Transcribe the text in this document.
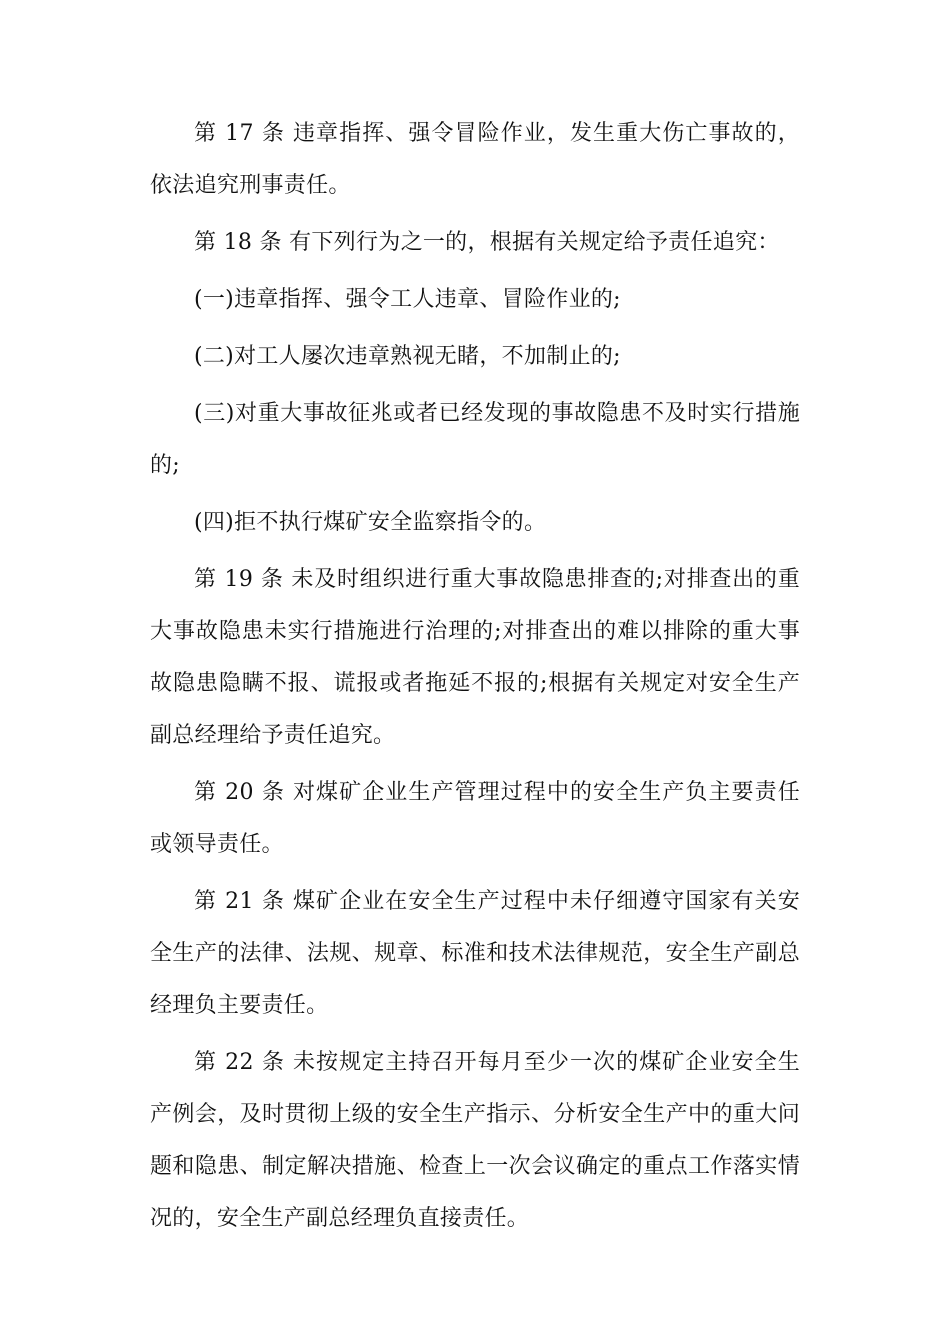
第 17 条 违章指挥、强令冒险作业，发生重大伤亡事故的，依法追究刑事责任。

第 18 条 有下列行为之一的，根据有关规定给予责任追究：

(一)违章指挥、强令工人违章、冒险作业的;

(二)对工人屡次违章熟视无睹，不加制止的;

(三)对重大事故征兆或者已经发现的事故隐患不及时实行措施的;

(四)拒不执行煤矿安全监察指令的。

第 19 条 未及时组织进行重大事故隐患排查的;对排查出的重大事故隐患未实行措施进行治理的;对排查出的难以排除的重大事故隐患隐瞒不报、谎报或者拖延不报的;根据有关规定对安全生产副总经理给予责任追究。

第 20 条 对煤矿企业生产管理过程中的安全生产负主要责任或领导责任。

第 21 条 煤矿企业在安全生产过程中未仔细遵守国家有关安全生产的法律、法规、规章、标准和技术法律规范，安全生产副总经理负主要责任。

第 22 条 未按规定主持召开每月至少一次的煤矿企业安全生产例会，及时贯彻上级的安全生产指示、分析安全生产中的重大问题和隐患、制定解决措施、检查上一次会议确定的重点工作落实情况的，安全生产副总经理负直接责任。
